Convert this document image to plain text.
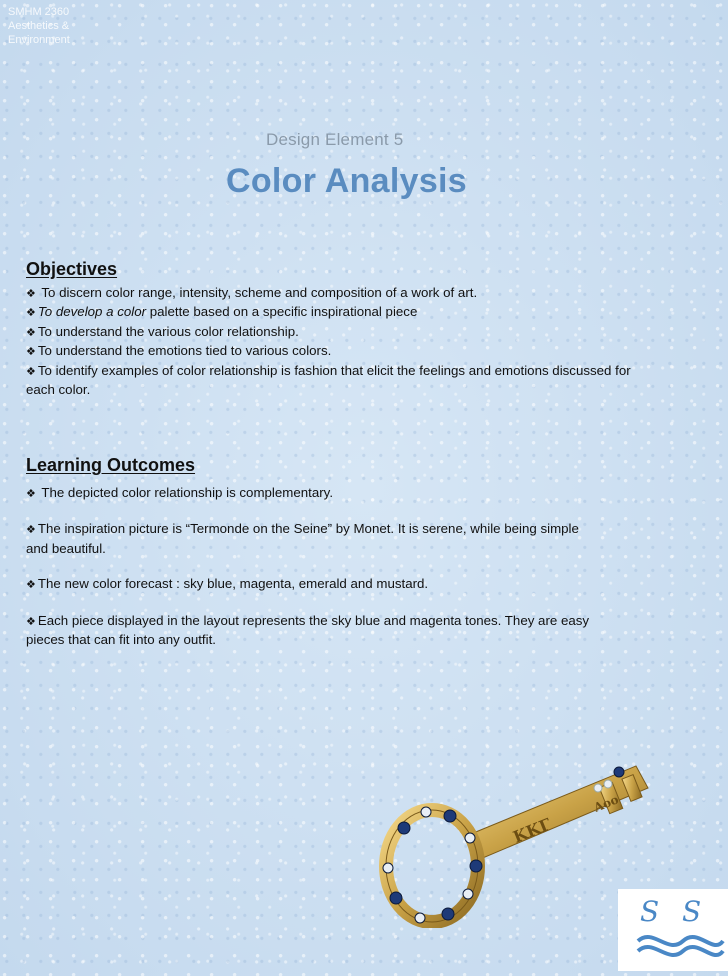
SMHM 2360
Aesthetics &
Environment
Design Element 5
Color Analysis
Objectives

❖ To discern color range, intensity, scheme and composition of a work of art.

❖ To develop a color palette based on a specific inspirational piece

❖ To understand the various color relationship.

❖ To understand the emotions tied to various colors.

❖ To identify examples of color relationship is fashion that elicit the feelings and emotions discussed for

each color.

Learning Outcomes

❖ The depicted color relationship is complementary.

❖ The inspiration picture is “Termonde on the Seine” by Monet. It is serene, while being simple

and beautiful.

❖ The new color forecast : sky blue, magenta, emerald and mustard.

❖ Each piece displayed in the layout represents the sky blue and magenta tones. They are easy

pieces that can fit into any outfit.

KKΓ
Aoo
S S
